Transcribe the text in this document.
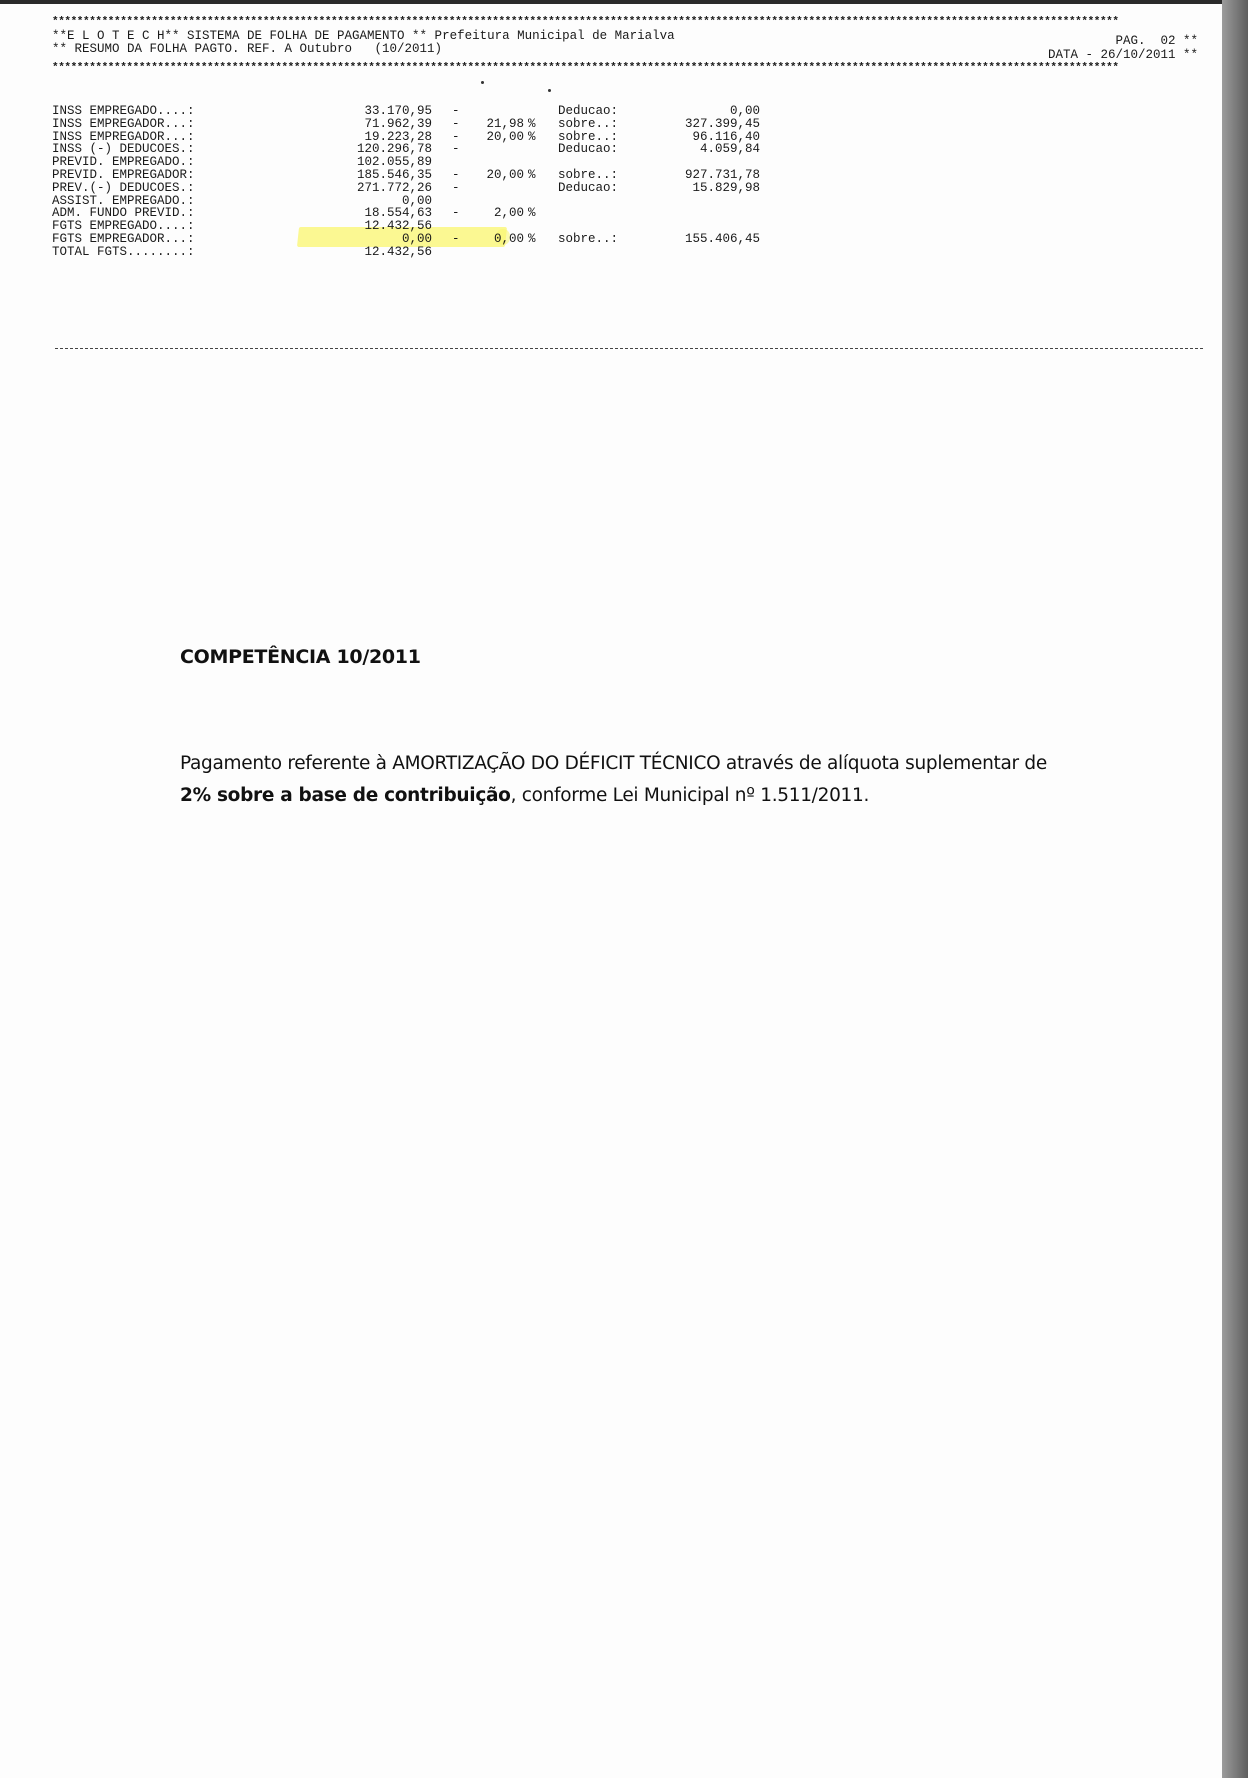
****************************************************************************************************************************************************************************
**E L O T E C H** SISTEMA DE FOLHA DE PAGAMENTO ** Prefeitura Municipal de Marialva	PAG.  02 **
** RESUMO DA FOLHA PAGTO. REF. A Outubro   (10/2011)	DATA - 26/10/2011 **
****************************************************************************************************************************************************************************
INSS EMPREGADO....:	33.170,95 -	Deducao:	0,00
INSS EMPREGADOR...:	71.962,39 -	21,98 %	sobre..:	327.399,45
INSS EMPREGADOR...:	19.223,28 -	20,00 %	sobre..:	96.116,40
INSS (-) DEDUCOES.:	120.296,78 -	Deducao:	4.059,84
PREVID. EMPREGADO.:	102.055,89
PREVID. EMPREGADOR:	185.546,35 -	20,00 %	sobre..:	927.731,78
PREV.(-) DEDUCOES.:	271.772,26 -	Deducao:	15.829,98
ASSIST. EMPREGADO.:	0,00
ADM. FUNDO PREVID.:	18.554,63 -	2,00 %
FGTS EMPREGADO....:	12.432,56
FGTS EMPREGADOR...:	0,00 -	0,00 %	sobre..:	155.406,45
TOTAL FGTS........:	12.432,56
COMPETÊNCIA 10/2011
Pagamento referente à AMORTIZAÇÃO DO DÉFICIT TÉCNICO através de alíquota suplementar de 2% sobre a base de contribuição, conforme Lei Municipal nº 1.511/2011.
